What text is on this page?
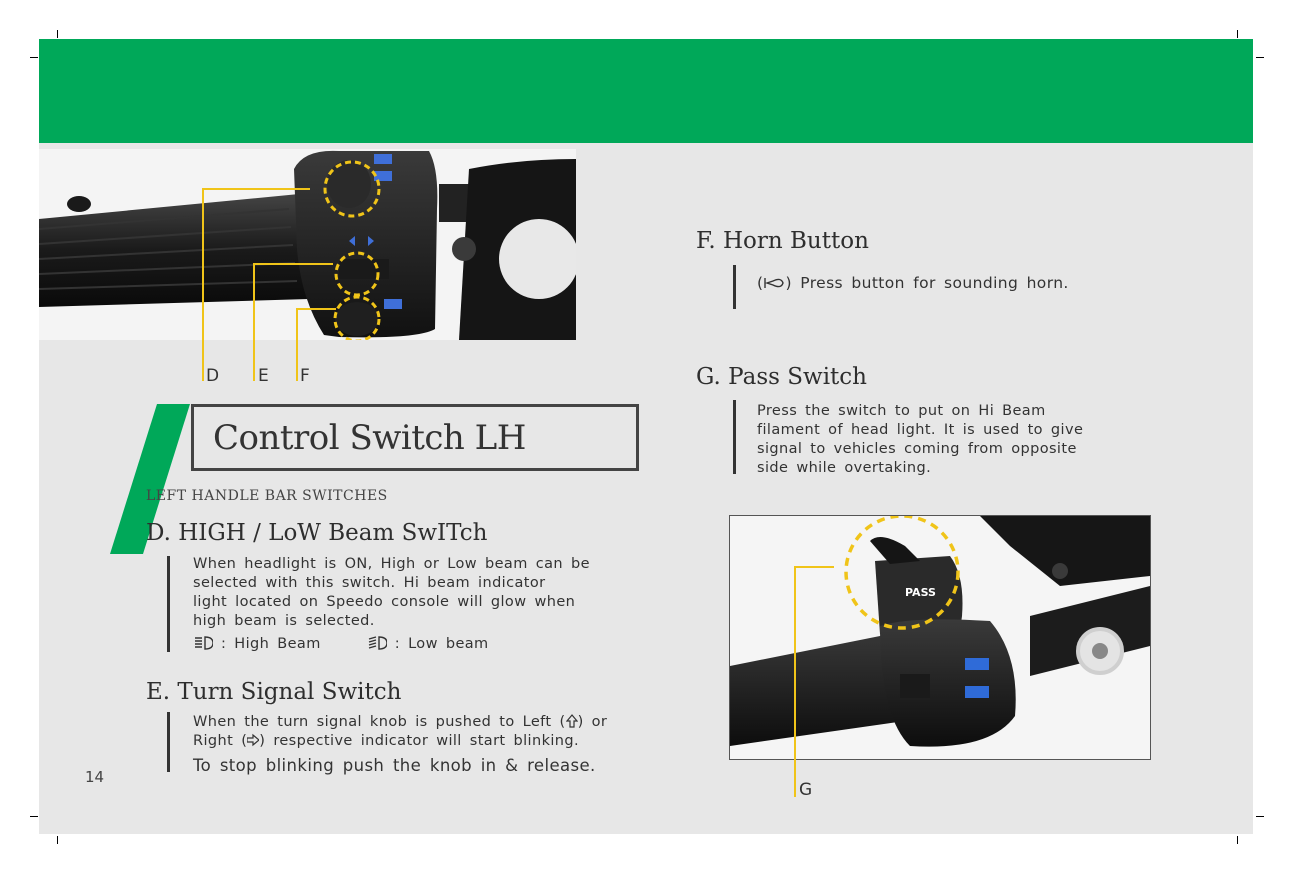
D E F
Control Switch LH
LEFT HANDLE BAR SWITCHES
D. HIGH / LoW Beam SwITch
When headlight is ON, High or Low beam can be
selected with this switch. Hi beam indicator
light located on Speedo console will glow when
high beam is selected.
: High Beam	: Low beam
E. Turn Signal Switch
When the turn signal knob is pushed to Left ( ) or
Right ( ) respective indicator will start blinking.
To stop blinking push the knob in & release.
14
F. Horn Button
( ) Press button for sounding horn.
G. Pass Switch
Press the switch to put on Hi Beam
filament of head light. It is used to give
signal to vehicles coming from opposite
side while overtaking.
PASS
G
